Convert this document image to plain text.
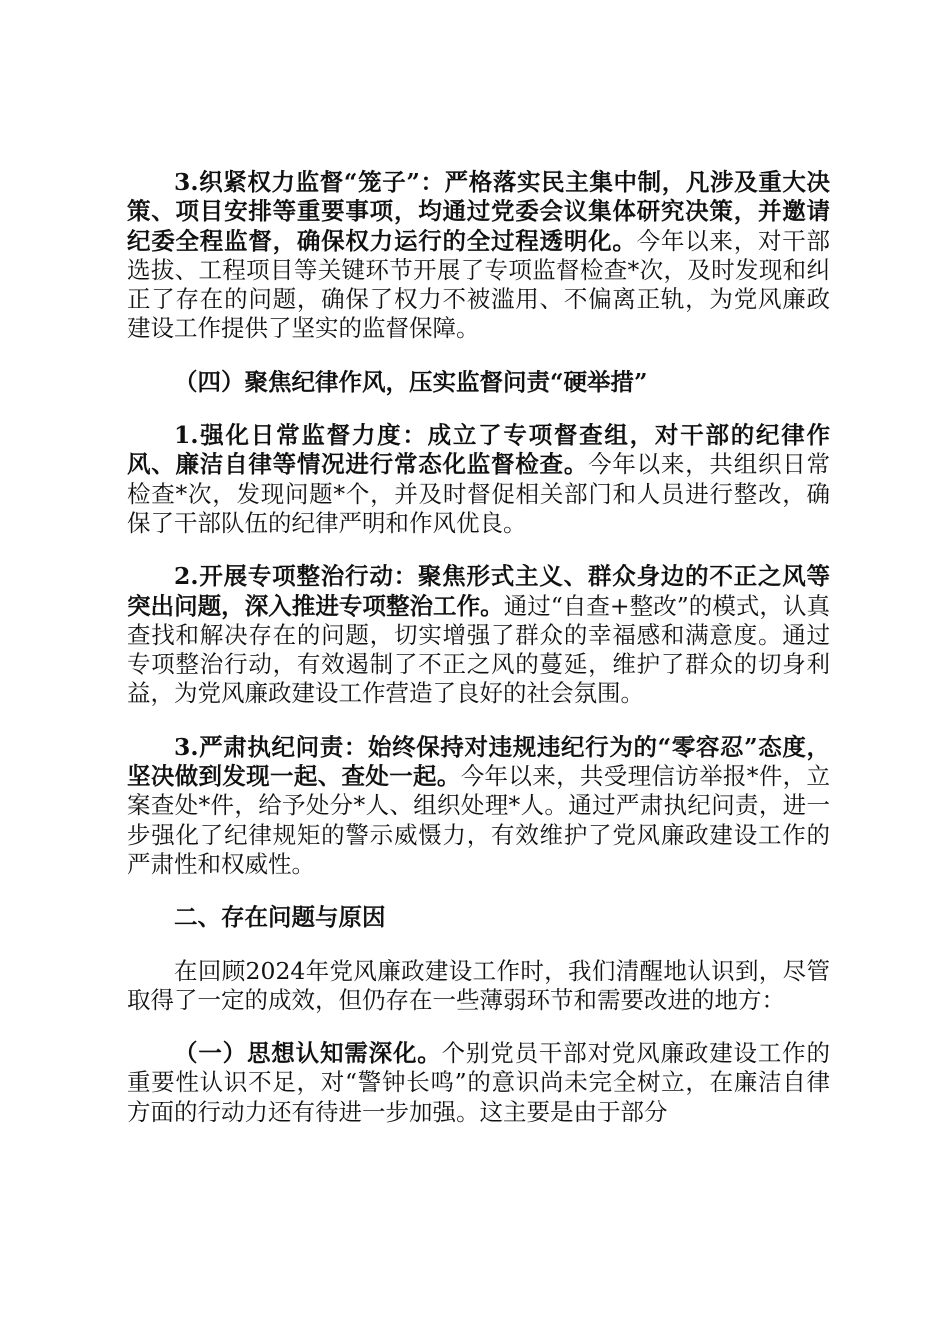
3.织紧权力监督“笼子”：严格落实民主集中制，凡涉及重大决策、项目安排等重要事项，均通过党委会议集体研究决策，并邀请纪委全程监督，确保权力运行的全过程透明化。今年以来，对干部选拔、工程项目等关键环节开展了专项监督检查*次，及时发现和纠正了存在的问题，确保了权力不被滥用、不偏离正轨，为党风廉政建设工作提供了坚实的监督保障。

（四）聚焦纪律作风，压实监督问责“硬举措”

1.强化日常监督力度：成立了专项督查组，对干部的纪律作风、廉洁自律等情况进行常态化监督检查。今年以来，共组织日常检查*次，发现问题*个，并及时督促相关部门和人员进行整改，确保了干部队伍的纪律严明和作风优良。

2.开展专项整治行动：聚焦形式主义、群众身边的不正之风等突出问题，深入推进专项整治工作。通过“自查+整改”的模式，认真查找和解决存在的问题，切实增强了群众的幸福感和满意度。通过专项整治行动，有效遏制了不正之风的蔓延，维护了群众的切身利益，为党风廉政建设工作营造了良好的社会氛围。

3.严肃执纪问责：始终保持对违规违纪行为的“零容忍”态度，坚决做到发现一起、查处一起。今年以来，共受理信访举报*件，立案查处*件，给予处分*人、组织处理*人。通过严肃执纪问责，进一步强化了纪律规矩的警示威慑力，有效维护了党风廉政建设工作的严肃性和权威性。

二、存在问题与原因

在回顾2024年党风廉政建设工作时，我们清醒地认识到，尽管取得了一定的成效，但仍存在一些薄弱环节和需要改进的地方：

（一）思想认知需深化。个别党员干部对党风廉政建设工作的重要性认识不足，对“警钟长鸣”的意识尚未完全树立，在廉洁自律方面的行动力还有待进一步加强。这主要是由于部分
